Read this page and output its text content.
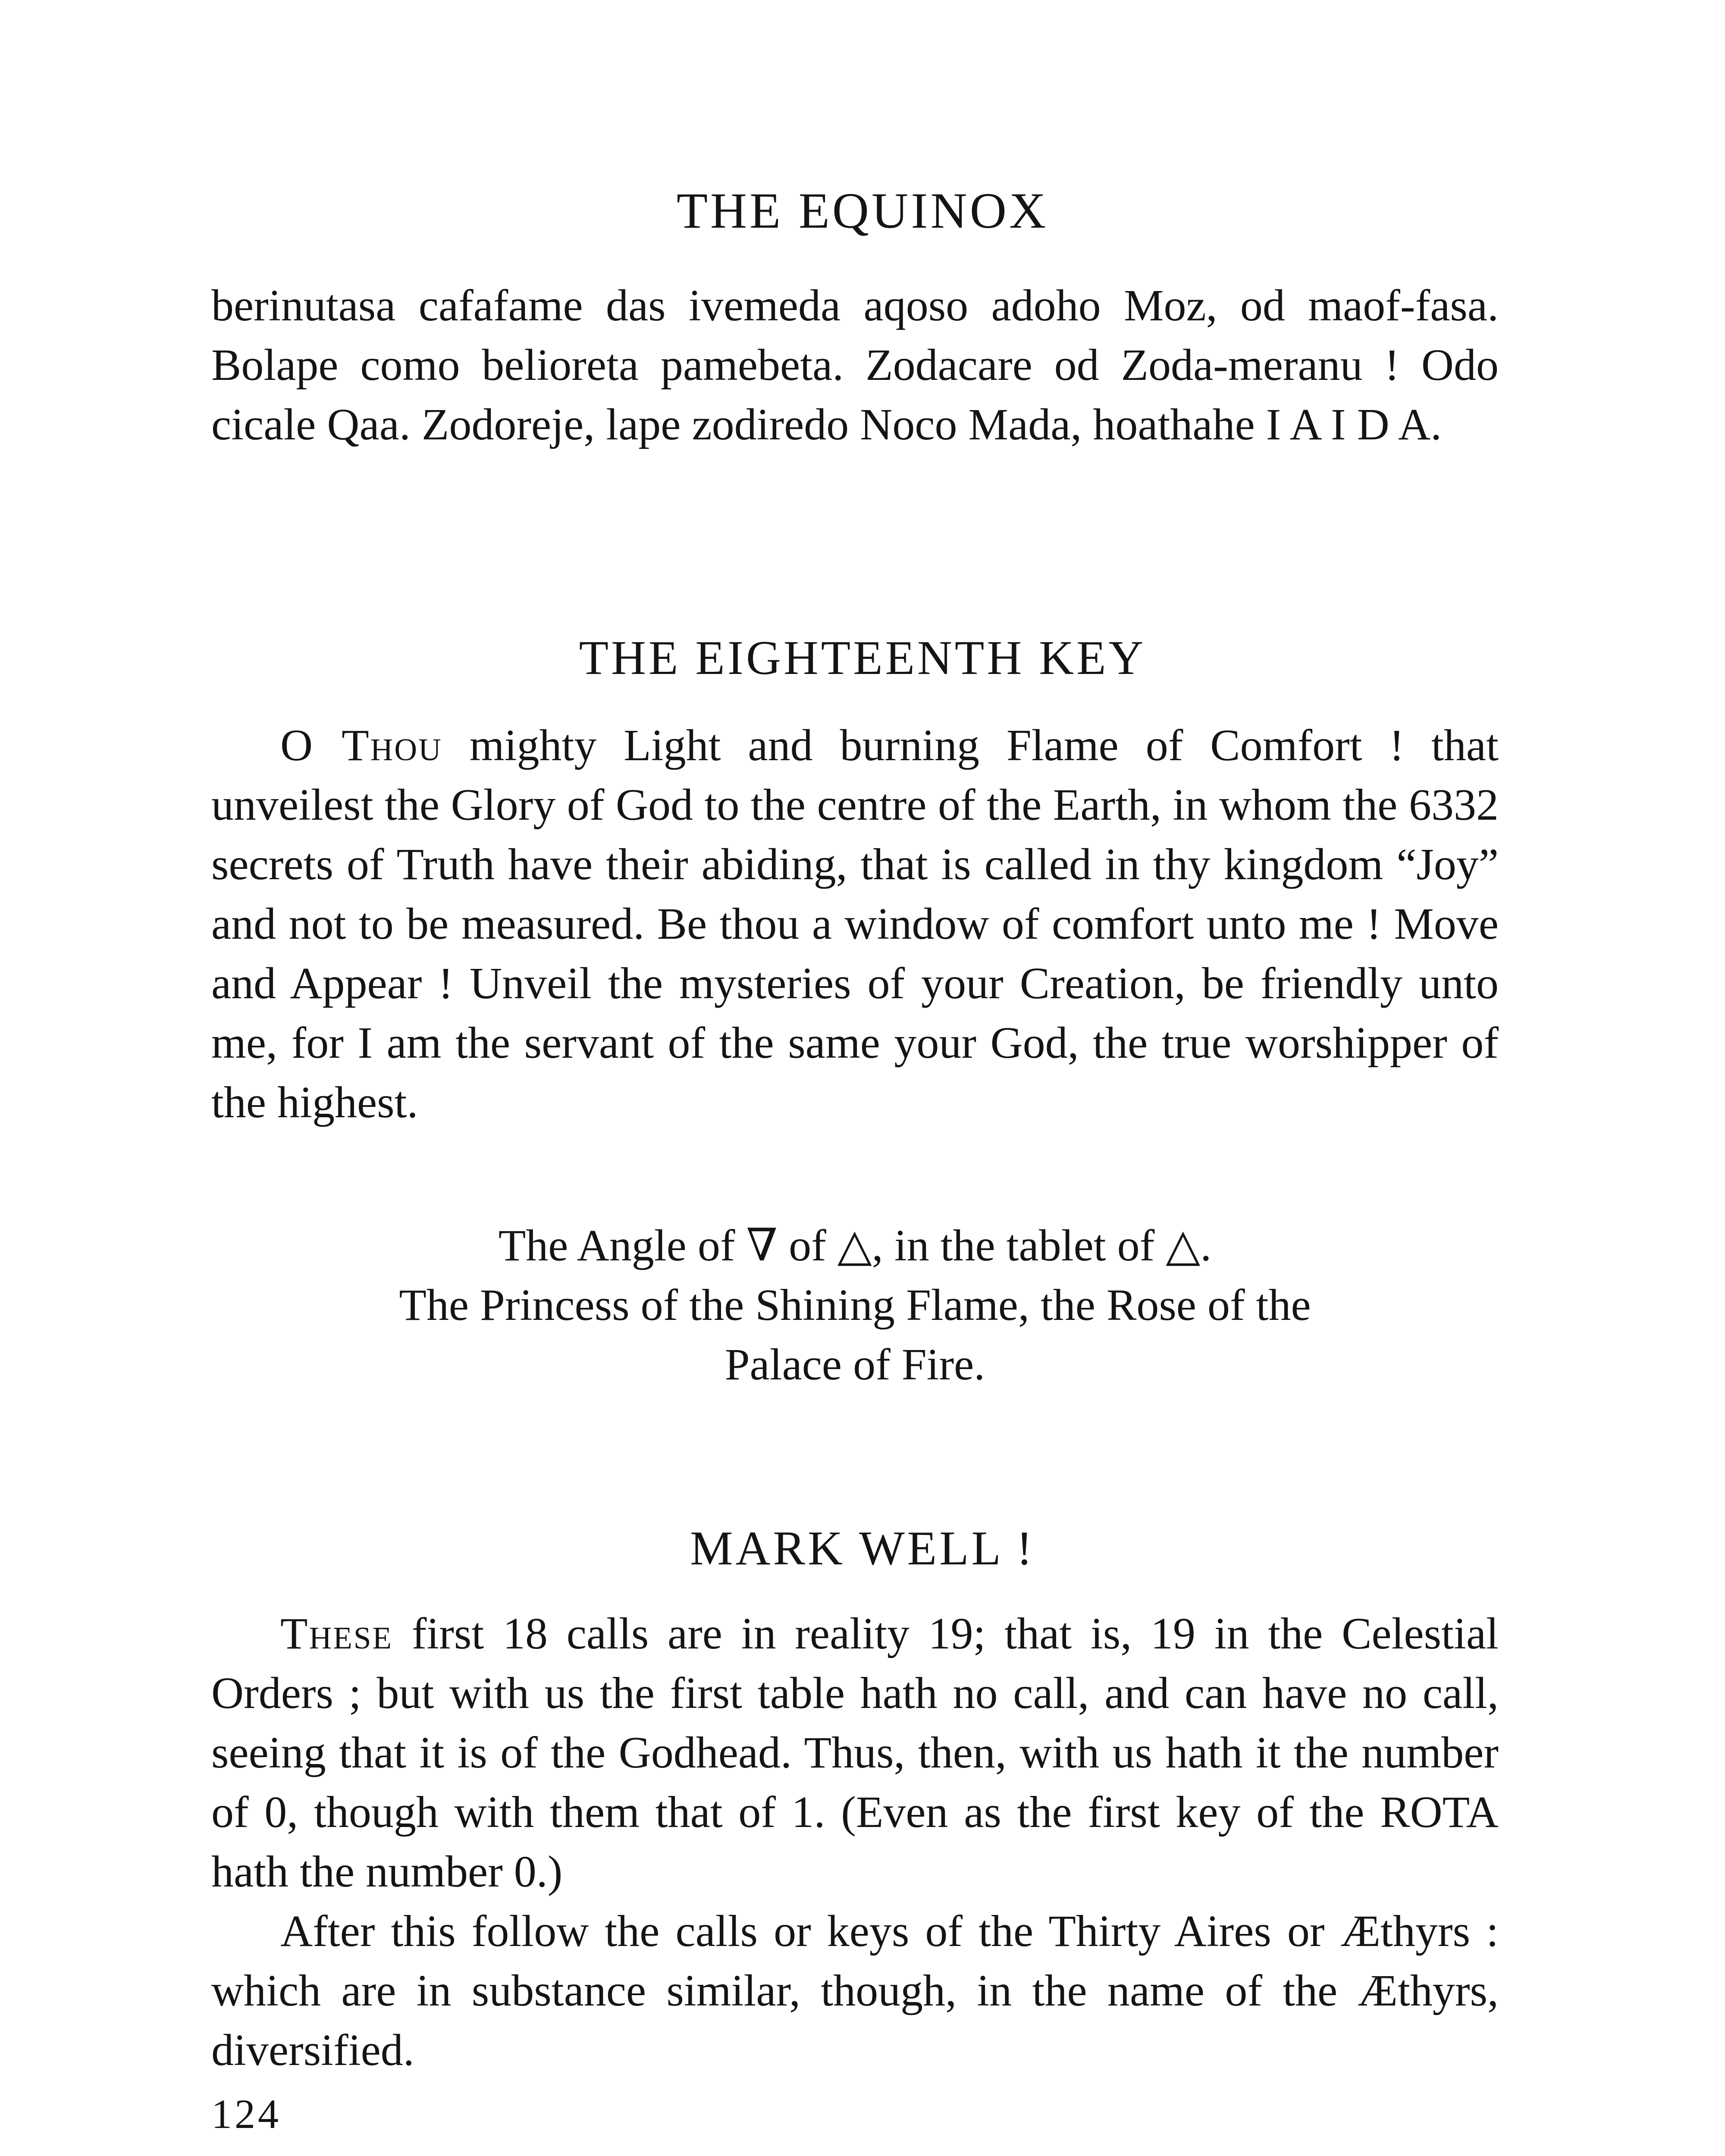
THE EQUINOX

berinutasa cafafame das ivemeda aqoso adoho Moz, od maof-fasa. Bolape como belioreta pamebeta. Zodacare od Zoda-meranu ! Odo cicale Qaa. Zodoreje, lape zodiredo Noco Mada, hoathahe I A I D A.

THE EIGHTEENTH KEY

O Thou mighty Light and burning Flame of Comfort ! that unveilest the Glory of God to the centre of the Earth, in whom the 6332 secrets of Truth have their abiding, that is called in thy kingdom “Joy” and not to be measured. Be thou a window of comfort unto me ! Move and Appear ! Unveil the mysteries of your Creation, be friendly unto me, for I am the servant of the same your God, the true worshipper of the highest.

The Angle of ∇ of △, in the tablet of △.
The Princess of the Shining Flame, the Rose of the
Palace of Fire.
MARK WELL !

These first 18 calls are in reality 19; that is, 19 in the Celestial Orders ; but with us the first table hath no call, and can have no call, seeing that it is of the Godhead. Thus, then, with us hath it the number of 0, though with them that of 1. (Even as the first key of the ROTA hath the number 0.)

After this follow the calls or keys of the Thirty Aires or Æthyrs : which are in substance similar, though, in the name of the Æthyrs, diversified.

124
